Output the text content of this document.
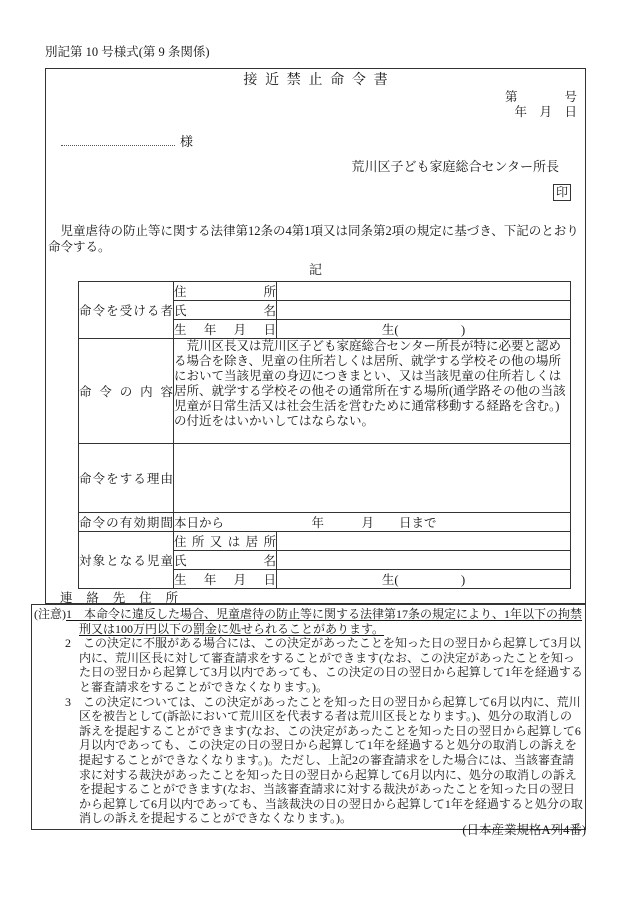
別記第 10 号様式(第 9 条関係)
接近禁止命令書
第	号
年　月　日
様
荒川区子ども家庭総合センター所長
印
児童虐待の防止等に関する法律第12条の4第1項又は同条第2項の規定に基づき、下記のとおり命令する。
記
命令を受ける者	住所	
	氏名	
	生年月日	生(　　　　　)
命令の内容	荒川区長又は荒川区子ども家庭総合センター所長が特に必要と認める場合を除き、児童の住所若しくは居所、就学する学校その他の場所において当該児童の身辺につきまとい、又は当該児童の住所若しくは居所、就学する学校その他その通常所在する場所(通学路その他の当該児童が日常生活又は社会生活を営むために通常移動する経路を含む。)の付近をはいかいしてはならない。	
命令をする理由		
命令の有効期間	本日から　　　　　　　年　　　月　　日まで	
対象となる児童	住所又は居所	
	氏名	
	生年月日	生(　　　　　)
連絡先住所

(注意)1　本命令に違反した場合、児童虐待の防止等に関する法律第17条の規定により、1年以下の拘禁刑又は100万円以下の罰金に処せられることがあります。

2　この決定に不服がある場合には、この決定があったことを知った日の翌日から起算して3月以内に、荒川区長に対して審査請求をすることができます(なお、この決定があったことを知った日の翌日から起算して3月以内であっても、この決定の日の翌日から起算して1年を経過すると審査請求をすることができなくなります。)。

3　この決定については、この決定があったことを知った日の翌日から起算して6月以内に、荒川区を被告として(訴訟において荒川区を代表する者は荒川区長となります。)、処分の取消しの訴えを提起することができます(なお、この決定があったことを知った日の翌日から起算して6月以内であっても、この決定の日の翌日から起算して1年を経過すると処分の取消しの訴えを提起することができなくなります。)。ただし、上記2の審査請求をした場合には、当該審査請求に対する裁決があったことを知った日の翌日から起算して6月以内に、処分の取消しの訴えを提起することができます(なお、当該審査請求に対する裁決があったことを知った日の翌日から起算して6月以内であっても、当該裁決の日の翌日から起算して1年を経過すると処分の取消しの訴えを提起することができなくなります。)。

(日本産業規格A列4番)
